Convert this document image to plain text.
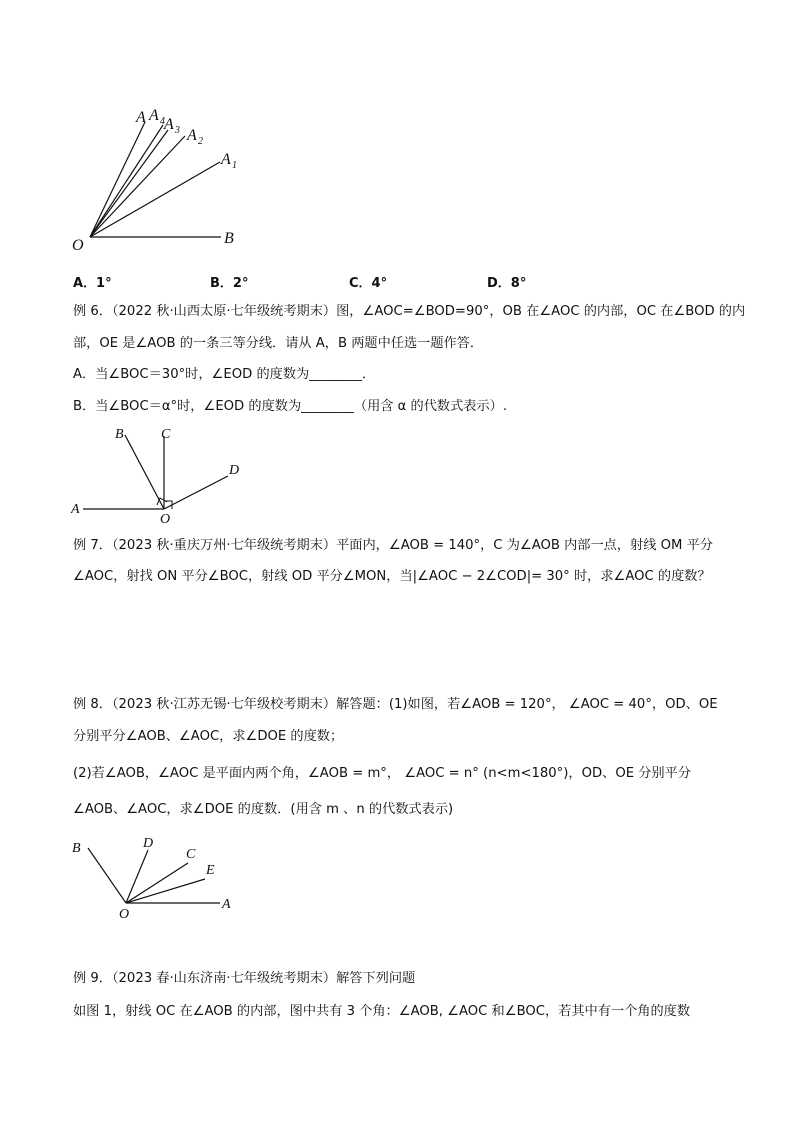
A A 4 A 3 A 2
A 1
O	B
A．1°	B．2°	C．4°	D．8°
例 6．（2022 秋·山西太原·七年级统考期末）图，∠AOC=∠BOD=90°，OB 在∠AOC 的内部，OC 在∠BOD 的内
部，OE 是∠AOB 的一条三等分线．请从 A，B 两题中任选一题作答．
A．当∠BOC＝30°时，∠EOD 的度数为________．
B．当∠BOC＝α°时，∠EOD 的度数为________（用含 α 的代数式表示）.
B	C
D
A
O
例 7．（2023 秋·重庆万州·七年级统考期末）平面内，∠AOB = 140°，C 为∠AOB 内部一点，射线 OM 平分
∠AOC，射找 ON 平分∠BOC，射线 OD 平分∠MON，当|∠AOC − 2∠COD|= 30° 时，求∠AOC 的度数？
例 8．（2023 秋·江苏无锡·七年级校考期末）解答题：(1)如图，若∠AOB = 120°， ∠AOC = 40°，OD、OE
分别平分∠AOB、∠AOC，求∠DOE 的度数；
(2)若∠AOB，∠AOC 是平面内两个角，∠AOB = m°， ∠AOC = n° (n<m<180°)，OD、OE 分别平分
∠AOB、∠AOC，求∠DOE 的度数．(用含 m 、n 的代数式表示)
B	D
C
E
O
A
例 9．（2023 春·山东济南·七年级统考期末）解答下列问题
如图 1，射线 OC 在∠AOB 的内部，图中共有 3 个角：∠AOB, ∠AOC 和∠BOC，若其中有一个角的度数
